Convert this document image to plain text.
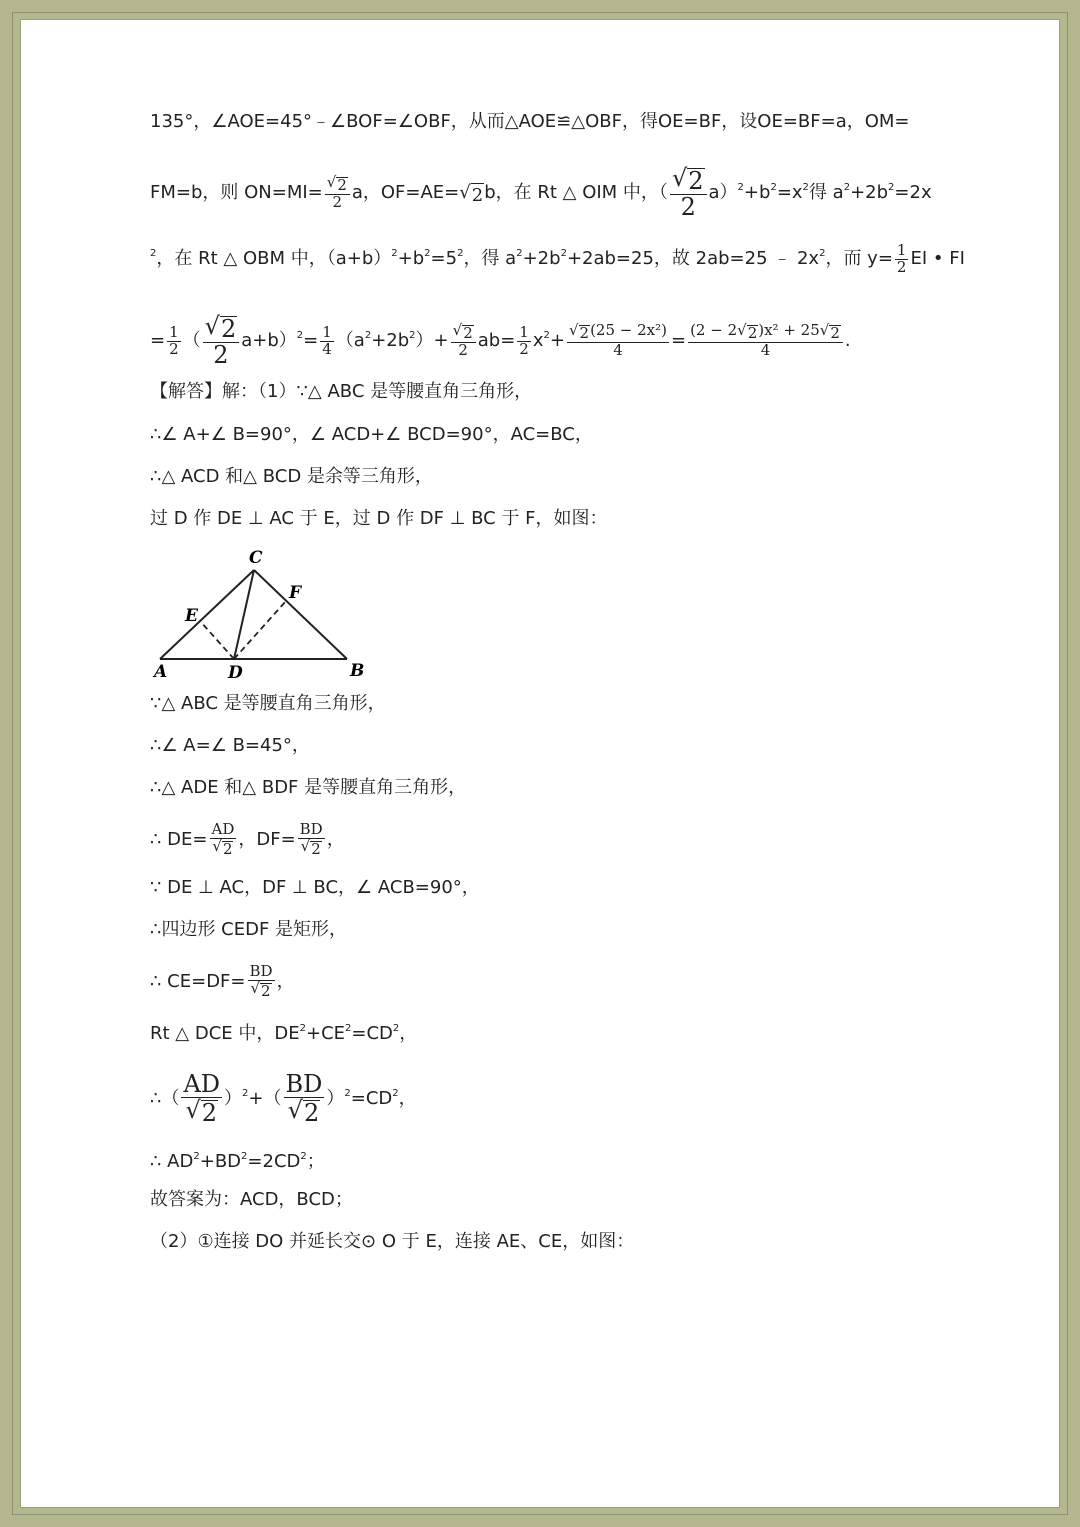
135°，∠AOE=45°﹣∠BOF=∠OBF，从而△AOE≌△OBF，得OE=BF，设OE=BF=a，OM=
FM=b，则 $ON=MI= \frac{√ 2}{2}$ a，OF=AE=√ 2 b，在 Rt △ OIM 中，（ $\frac{√ 2}{2} a)^2+b^2=x^2$得 $a^2+2b^2=2x$
$^2$，在 Rt △ OBM 中，$(a+b)^2+b^2=5^2$，得 $a^2+2b^2+2ab=25$，故 2ab=25 ﹣ $2x^2$，而 $y= \frac{1}{2}$ EI • FI
= $\frac{1}{2}$ （ $\frac{√ 2}{2} a+b)^2= \frac{1}{4} (a^2+2b^2)+ \frac{√ 2}{2} ab= \frac{1}{2} x^2+ \frac{\text{√ 2 (25 − 2x²)}}{4} = \frac{\text{(2 − 2√ 2 )x² + 25√ 2}}{4}$ .
【解答】解：（1）∵△ ABC 是等腰直角三角形，
∴∠ A+∠ B=90°，∠ ACD+∠ BCD=90°，AC=BC，
∴△ ACD 和△ BCD 是余等三角形，
过 D 作 DE ⊥ AC 于 E，过 D 作 DF ⊥ BC 于 F，如图：
A	B
C
D
E
F
∵△ ABC 是等腰直角三角形，
∴∠ A=∠ B=45°，
∴△ ADE 和△ BDF 是等腰直角三角形，
∴ $DE= \frac{AD}{√ 2}$ ，$DF= \frac{BD}{√ 2}$ ，
∵ DE ⊥ AC，DF ⊥ BC，∠ ACB=90°，
∴四边形 CEDF 是矩形，
∴ $CE=DF= \frac{BD}{√ 2}$ ，
Rt △ DCE 中，$DE^2+CE^2=CD^2$，
∴（ $\frac{AD}{√ 2} )^2+( \frac{BD}{√ 2} )^2=CD^2$，
∴ $AD^2+BD^2=2CD^2$；
故答案为：ACD，BCD；
（2）①连接 DO 并延长交⊙ O 于 E，连接 AE、CE，如图：
